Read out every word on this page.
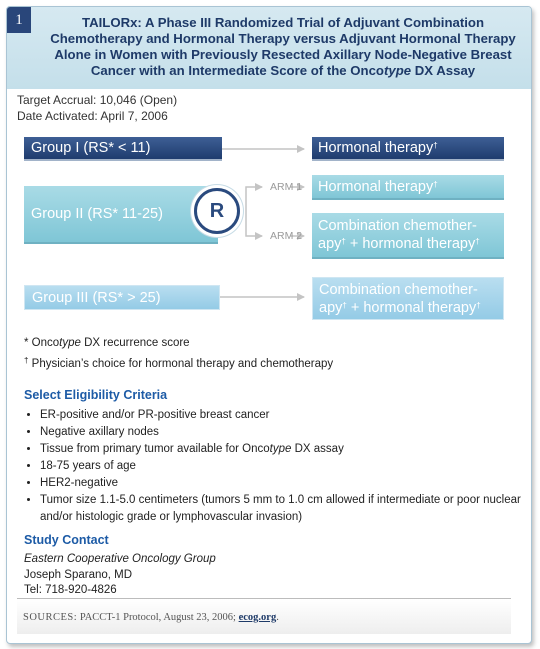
1	TAILORx: A Phase III Randomized Trial of Adjuvant Combination
Chemotherapy and Hormonal Therapy versus Adjuvant Hormonal Therapy
Alone in Women with Previously Resected Axillary Node-Negative Breast
Cancer with an Intermediate Score of the Oncotype DX Assay
Target Accrual: 10,046 (Open)
Date Activated: April 7, 2006
Group I (RS* < 11)	Hormonal therapy†
Group II (RS* 11-25)	R
ARM 1
ARM 2
Hormonal therapy†
Combination chemother-
apy† + hormonal therapy†
Group III (RS* > 25)	Combination chemother-
apy† + hormonal therapy†
* Oncotype DX recurrence score
† Physician’s choice for hormonal therapy and chemotherapy
Select Eligibility Criteria
• ER-positive and/or PR-positive breast cancer
• Negative axillary nodes
• Tissue from primary tumor available for Oncotype DX assay
• 18-75 years of age
• HER2-negative
• Tumor size 1.1-5.0 centimeters (tumors 5 mm to 1.0 cm allowed if intermediate or poor nuclear and/or histologic grade or lymphovascular invasion)
Study Contact
Eastern Cooperative Oncology Group
Joseph Sparano, MD
Tel: 718-920-4826
SOURCES: PACCT-1 Protocol, August 23, 2006; ecog.org.
